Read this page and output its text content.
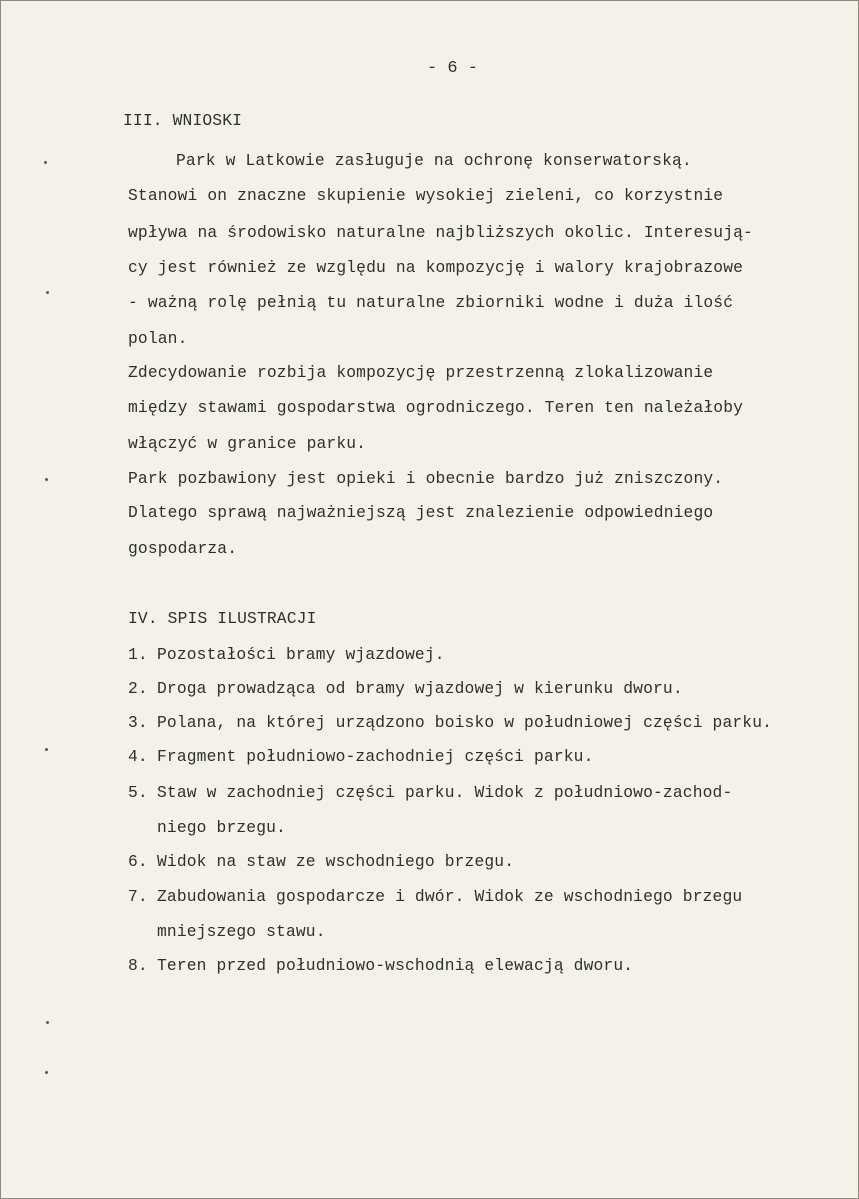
- 6 -
III. WNIOSKI
Park w Latkowie zasługuje na ochronę konserwatorską.
Stanowi on znaczne skupienie wysokiej zieleni, co korzystnie
wpływa na środowisko naturalne najbliższych okolic. Interesują-
cy jest również ze względu na kompozycję i walory krajobrazowe
- ważną rolę pełnią tu naturalne zbiorniki wodne i duża ilość
polan.
Zdecydowanie rozbija kompozycję przestrzenną zlokalizowanie
między stawami gospodarstwa ogrodniczego. Teren ten należałoby
włączyć w granice parku.
Park pozbawiony jest opieki i obecnie bardzo już zniszczony.
Dlatego sprawą najważniejszą jest znalezienie odpowiedniego
gospodarza.
IV. SPIS ILUSTRACJI
1. Pozostałości bramy wjazdowej.
2. Droga prowadząca od bramy wjazdowej w kierunku dworu.
3. Polana, na której urządzono boisko w południowej części parku.
4. Fragment południowo-zachodniej części parku.
5. Staw w zachodniej części parku. Widok z południowo-zachod-
niego brzegu.
6. Widok na staw ze wschodniego brzegu.
7. Zabudowania gospodarcze i dwór. Widok ze wschodniego brzegu
mniejszego stawu.
8. Teren przed południowo-wschodnią elewacją dworu.
